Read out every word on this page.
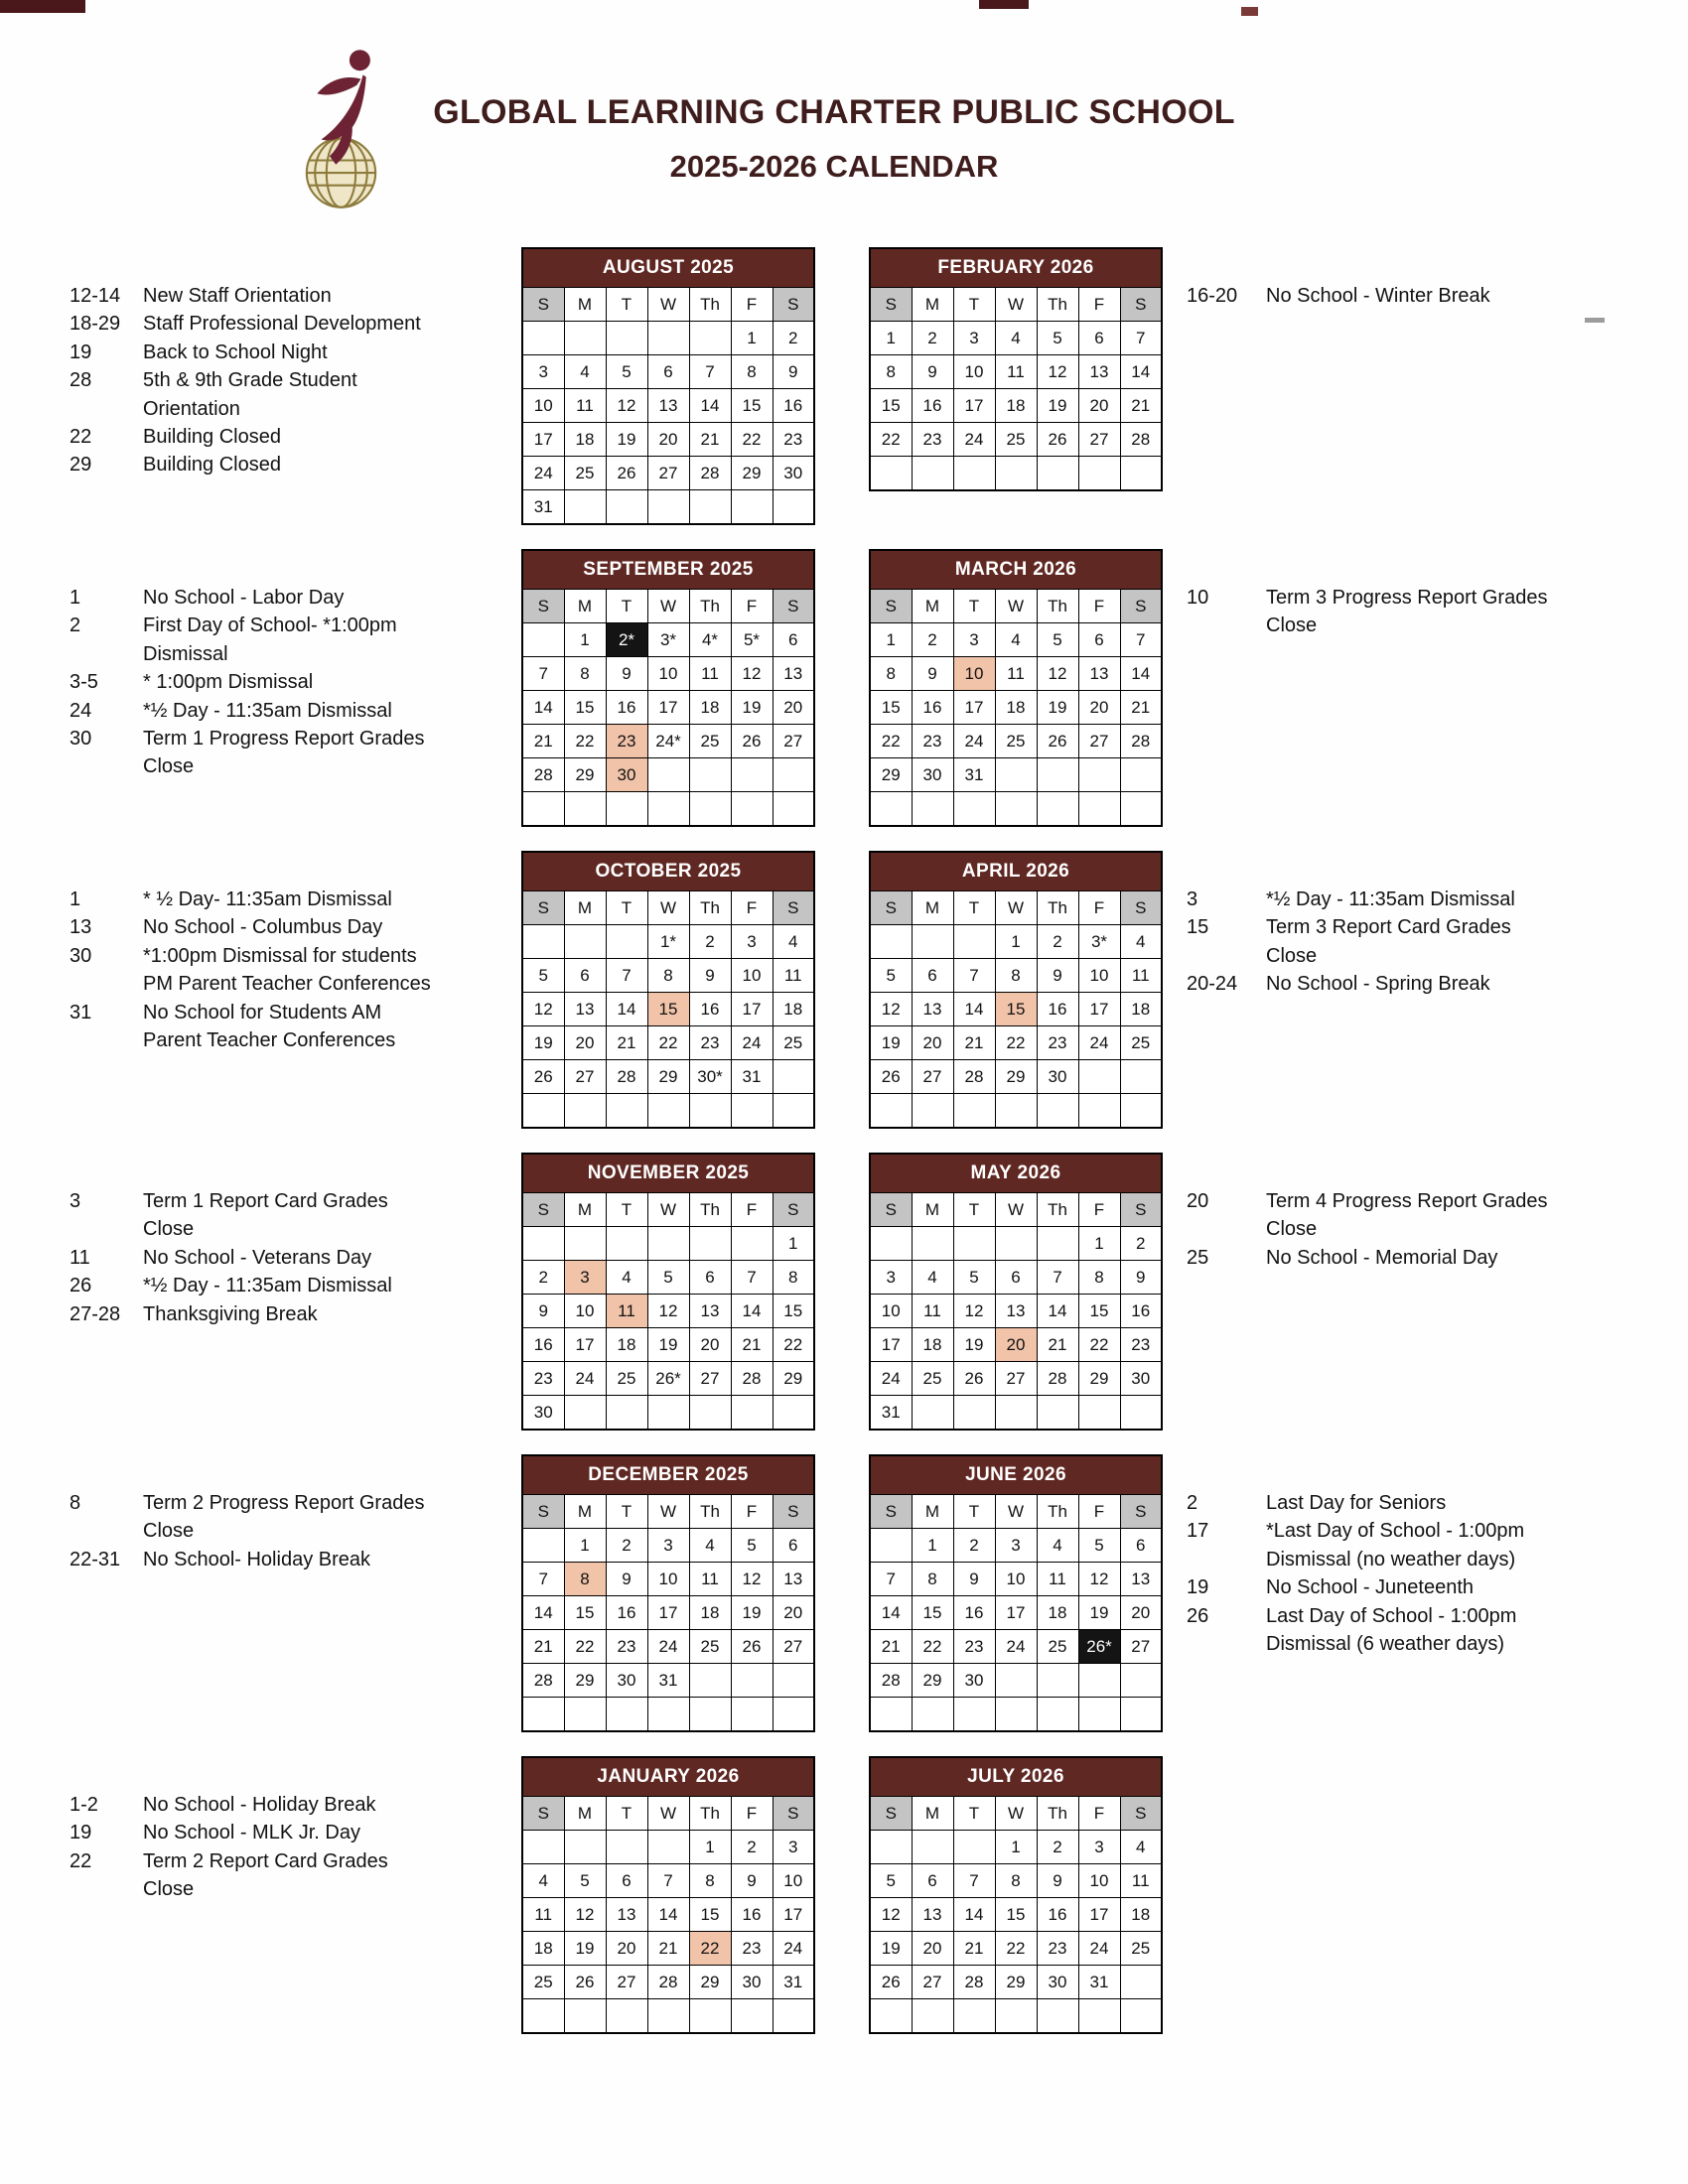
GLOBAL LEARNING CHARTER PUBLIC SCHOOL
2025-2026 CALENDAR
12-14	New Staff Orientation
18-29	Staff Professional Development
19	Back to School Night
28	5th & 9th Grade Student Orientation
22	Building Closed
29	Building Closed
AUGUST 2025						
S	M	T	W	Th	F	S
					1	2
3	4	5	6	7	8	9
10	11	12	13	14	15	16
17	18	19	20	21	22	23
24	25	26	27	28	29	30
31						
FEBRUARY 2026						
S	M	T	W	Th	F	S
1	2	3	4	5	6	7
8	9	10	11	12	13	14
15	16	17	18	19	20	21
22	23	24	25	26	27	28

16-20	No School - Winter Break
1	No School - Labor Day
2	First Day of School- *1:00pm Dismissal
3-5	* 1:00pm Dismissal
24	*½ Day - 11:35am Dismissal
30	Term 1 Progress Report Grades Close
SEPTEMBER 2025						
S	M	T	W	Th	F	S
	1	2*	3*	4*	5*	6
7	8	9	10	11	12	13
14	15	16	17	18	19	20
21	22	23	24*	25	26	27
28	29	30				

MARCH 2026						
S	M	T	W	Th	F	S
1	2	3	4	5	6	7
8	9	10	11	12	13	14
15	16	17	18	19	20	21
22	23	24	25	26	27	28
29	30	31				

10	Term 3 Progress Report Grades Close
1	* ½ Day- 11:35am Dismissal
13	No School - Columbus Day
30	*1:00pm Dismissal for students PM Parent Teacher Conferences
31	No School for Students AM Parent Teacher Conferences
OCTOBER 2025						
S	M	T	W	Th	F	S
			1*	2	3	4
5	6	7	8	9	10	11
12	13	14	15	16	17	18
19	20	21	22	23	24	25
26	27	28	29	30*	31	

APRIL 2026						
S	M	T	W	Th	F	S
			1	2	3*	4
5	6	7	8	9	10	11
12	13	14	15	16	17	18
19	20	21	22	23	24	25
26	27	28	29	30		

3	*½ Day - 11:35am Dismissal
15	Term 3 Report Card Grades Close
20-24	No School - Spring Break
3	Term 1 Report Card Grades Close
11	No School - Veterans Day
26	*½ Day - 11:35am Dismissal
27-28	Thanksgiving Break
NOVEMBER 2025						
S	M	T	W	Th	F	S
						1
2	3	4	5	6	7	8
9	10	11	12	13	14	15
16	17	18	19	20	21	22
23	24	25	26*	27	28	29
30						
MAY 2026						
S	M	T	W	Th	F	S
					1	2
3	4	5	6	7	8	9
10	11	12	13	14	15	16
17	18	19	20	21	22	23
24	25	26	27	28	29	30
31						
20	Term 4 Progress Report Grades Close
25	No School - Memorial Day
8	Term 2 Progress Report Grades Close
22-31	No School- Holiday Break
DECEMBER 2025						
S	M	T	W	Th	F	S
	1	2	3	4	5	6
7	8	9	10	11	12	13
14	15	16	17	18	19	20
21	22	23	24	25	26	27
28	29	30	31			

JUNE 2026						
S	M	T	W	Th	F	S
	1	2	3	4	5	6
7	8	9	10	11	12	13
14	15	16	17	18	19	20
21	22	23	24	25	26*	27
28	29	30				

2	Last Day for Seniors
17	*Last Day of School - 1:00pm Dismissal (no weather days)
19	No School - Juneteenth
26	Last Day of School - 1:00pm Dismissal (6 weather days)
1-2	No School - Holiday Break
19	No School - MLK Jr. Day
22	Term 2 Report Card Grades Close
JANUARY 2026						
S	M	T	W	Th	F	S
				1	2	3
4	5	6	7	8	9	10
11	12	13	14	15	16	17
18	19	20	21	22	23	24
25	26	27	28	29	30	31

JULY 2026						
S	M	T	W	Th	F	S
			1	2	3	4
5	6	7	8	9	10	11
12	13	14	15	16	17	18
19	20	21	22	23	24	25
26	27	28	29	30	31	
